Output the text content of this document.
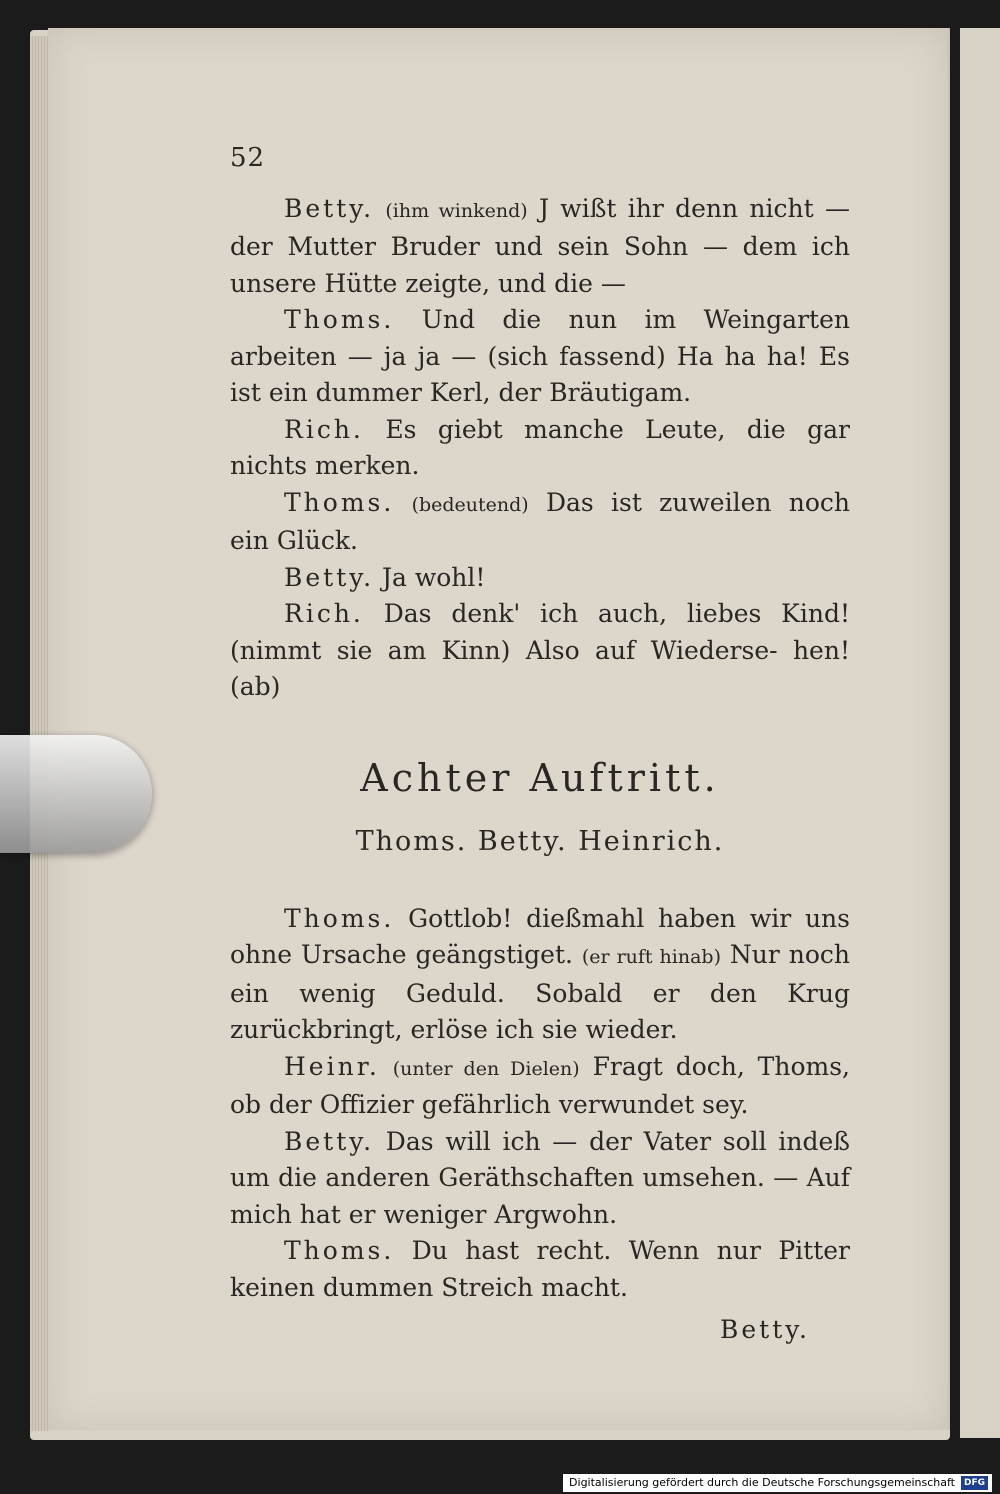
52

Betty. (ihm winkend) J wißt ihr denn nicht — der Mutter Bruder und sein Sohn — dem ich unsere Hütte zeigte, und die —

Thoms. Und die nun im Weingarten arbeiten — ja ja — (sich fassend) Ha ha ha! Es ist ein dummer Kerl, der Bräutigam.

Rich. Es giebt manche Leute, die gar nichts merken.

Thoms. (bedeutend) Das ist zuweilen noch ein Glück.

Betty. Ja wohl!

Rich. Das denk' ich auch, liebes Kind! (nimmt sie am Kinn) Also auf Wiederse- hen! (ab)

Achter Auftritt.
Thoms. Betty. Heinrich.

Thoms. Gottlob! dießmahl haben wir uns ohne Ursache geängstiget. (er ruft hinab) Nur noch ein wenig Geduld. Sobald er den Krug zurückbringt, erlöse ich sie wieder.

Heinr. (unter den Dielen) Fragt doch, Thoms, ob der Offizier gefährlich verwundet sey.

Betty. Das will ich — der Vater soll indeß um die anderen Geräthschaften umsehen. — Auf mich hat er weniger Argwohn.

Thoms. Du hast recht. Wenn nur Pitter keinen dummen Streich macht.

Betty.
Digitalisierung gefördert durch die Deutsche Forschungsgemeinschaft	DFG
